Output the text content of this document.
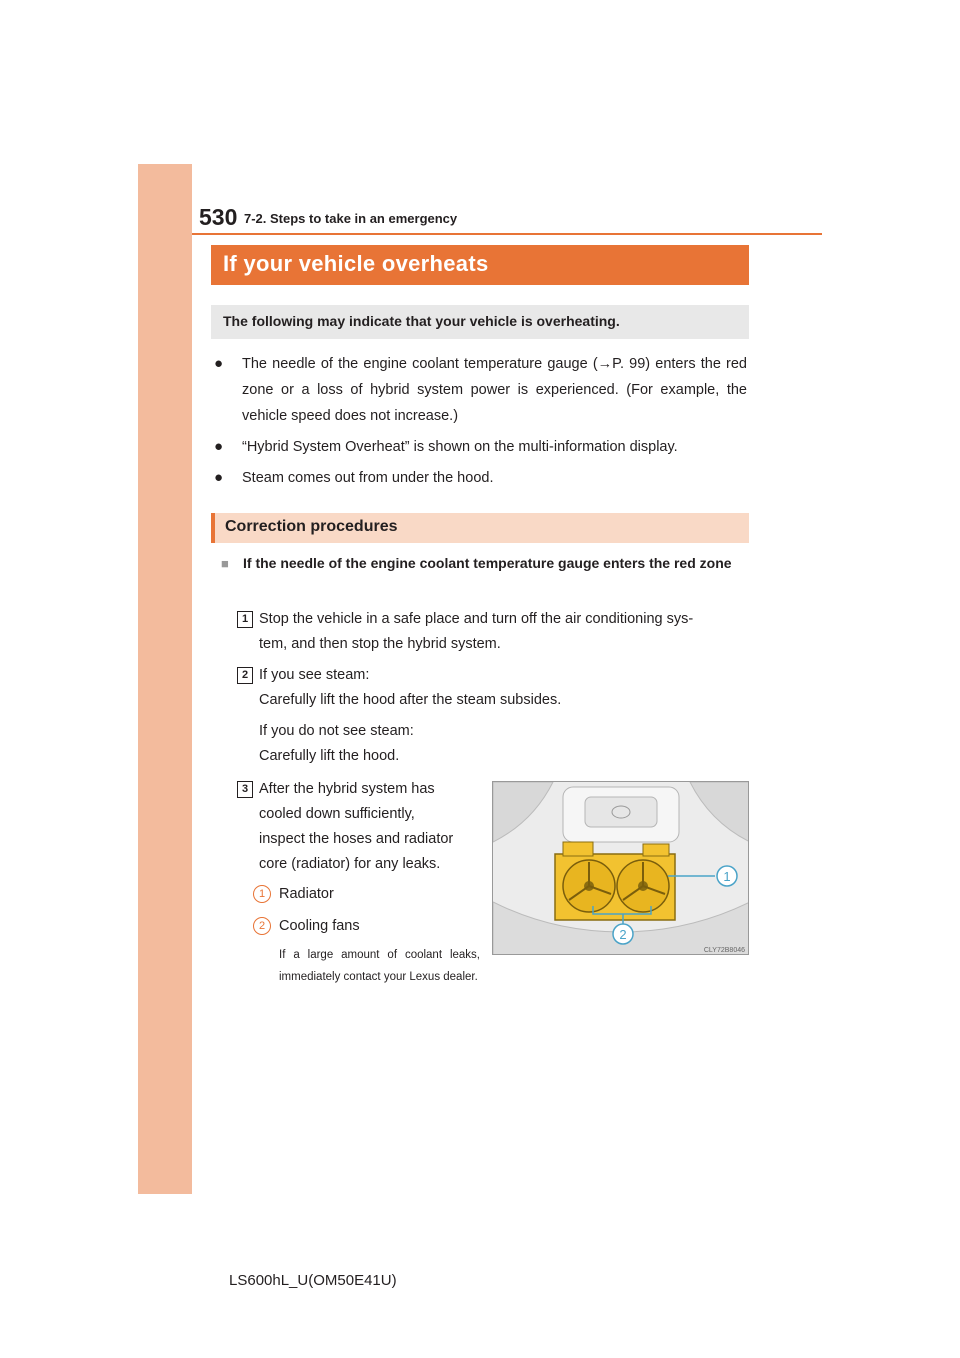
530 7-2. Steps to take in an emergency
If your vehicle overheats
The following may indicate that your vehicle is overheating.
● The needle of the engine coolant temperature gauge (→P. 99) enters the red zone or a loss of hybrid system power is experienced. (For example, the vehicle speed does not increase.)
● “Hybrid System Overheat” is shown on the multi-information display.
● Steam comes out from under the hood.
Correction procedures
■ If the needle of the engine coolant temperature gauge enters the red zone
1 Stop the vehicle in a safe place and turn off the air conditioning sys-
tem, and then stop the hybrid system.
2 If you see steam:
Carefully lift the hood after the steam subsides.
If you do not see steam:
Carefully lift the hood.
3 After the hybrid system has
cooled down sufficiently,
inspect the hoses and radiator
core (radiator) for any leaks.
1 Radiator
2 Cooling fans
If a large amount of coolant leaks, immediately contact your Lexus dealer.
1
2
CLY72B8046
LS600hL_U(OM50E41U)
